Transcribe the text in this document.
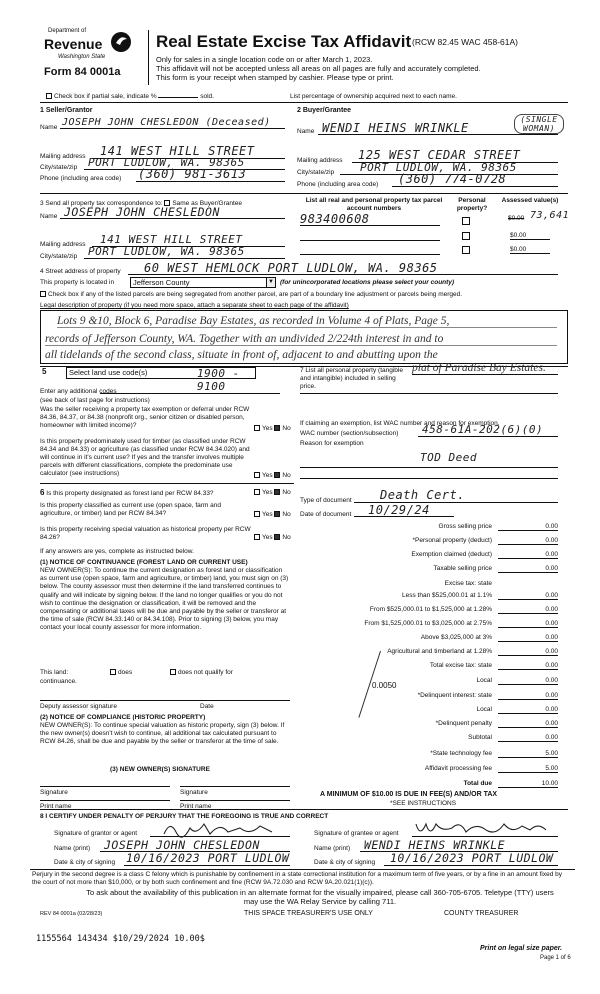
Department of
Revenue
Washington State
Form 84 0001a
Real Estate Excise Tax Affidavit (RCW 82.45 WAC 458-61A)
Only for sales in a single location code on or after March 1, 2023.
This affidavit will not be accepted unless all areas on all pages are fully and accurately completed.
This form is your receipt when stamped by cashier. Please type or print.
Check box if partial sale, indicate %	sold.	List percentage of ownership acquired next to each name.
1 Seller/Grantor
Name JOSEPH JOHN CHESLEDON (Deceased)
Mailing address 141 WEST HILL STREET
City/state/zip PORT LUDLOW, WA. 98365
Phone (including area code) (360) 981-3613
2 Buyer/Grantee
Name WENDI HEINS WRINKLE
(SINGLE WOMAN)
Mailing address 125 WEST CEDAR STREET
City/state/zip PORT LUDLOW, WA. 98365
Phone (including area code) (360) 774-0728
3 Send all property tax correspondence to: Same as Buyer/Grantee
Name JOSEPH JOHN CHESLEDON
Mailing address 141 WEST HILL STREET
City/state/zip PORT LUDLOW, WA. 98365
List all real and personal property tax parcel account numbers
Personal property?
Assessed value(s)
983400608	$0.00 73,641
$0.00
$0.00
4 Street address of property 60 WEST HEMLOCK PORT LUDLOW, WA. 98365
This property is located in	Jefferson County	▼ (for unincorporated locations please select your county)
Check box if any of the listed parcels are being segregated from another parcel, are part of a boundary line adjustment or parcels being merged.
Legal description of property (if you need more space, attach a separate sheet to each page of the affidavit)
Lots 9 &10, Block 6, Paradise Bay Estates, as recorded in Volume 4 of Plats, Page 5,
records of Jefferson County, WA. Together with an undivided 2/224th interest in and to
all tidelands of the second class, situate in front of, adjacent to and abutting upon the
5	Select land use code(s)	1900 - 9100
Enter any additional codes
(see back of last page for instructions)
Was the seller receiving a property tax exemption or deferral under RCW 84.36, 84.37, or 84.38 (nonprofit org., senior citizen or disabled person, homeowner with limited income)?	Yes No
Is this property predominately used for timber (as classified under RCW 84.34 and 84.33) or agriculture (as classified under RCW 84.34.020) and will continue in it's current use? If yes and the transfer involves multiple parcels with different classifications, complete the predominate use calculator (see instructions)	Yes No
7 List all personal property (tangible and intangible) included in selling price.
plat of Paradise Bay Estates.
If claiming an exemption, list WAC number and reason for exemption.
WAC number (section/subsection) 458-61A-202(6)(0)
Reason for exemption
TOD Deed
6 Is this property designated as forest land per RCW 84.33?	Yes No
Is this property classified as current use (open space, farm and agriculture, or timber) land per RCW 84.34?	Yes No
Is this property receiving special valuation as historical property per RCW 84.26?	Yes No
If any answers are yes, complete as instructed below.
(1) NOTICE OF CONTINUANCE (FOREST LAND OR CURRENT USE)
NEW OWNER(S): To continue the current designation as forest land or classification as current use (open space, farm and agriculture, or timber) land, you must sign on (3) below. The county assessor must then determine if the land transferred continues to qualify and will indicate by signing below. If the land no longer qualifies or you do not wish to continue the designation or classification, it will be removed and the compensating or additional taxes will be due and payable by the seller or transferor at the time of sale (RCW 84.33.140 or 84.34.108). Prior to signing (3) below, you may contact your local county assessor for more information.
This land:	does	does not qualify for
continuance.
Deputy assessor signature	Date
(2) NOTICE OF COMPLIANCE (HISTORIC PROPERTY)
NEW OWNER(S): To continue special valuation as historic property, sign (3) below. If the new owner(s) doesn't wish to continue, all additional tax calculated pursuant to RCW 84.26, shall be due and payable by the seller or transferor at the time of sale.
(3) NEW OWNER(S) SIGNATURE
Signature	Signature
Print name	Print name
Type of document Death Cert.
Date of document 10/29/24
Gross selling price	0.00
*Personal property (deduct)	0.00
Exemption claimed (deduct)	0.00
Taxable selling price	0.00
Excise tax: state
Less than $525,000.01 at 1.1%	0.00
From $525,000.01 to $1,525,000 at 1.28%	0.00
From $1,525,000.01 to $3,025,000 at 2.75%	0.00
Above $3,025,000 at 3%	0.00
Agricultural and timberland at 1.28%	0.00
Total excise tax: state	0.00
Local	0.00
*Delinquent interest: state	0.00
Local	0.00
*Delinquent penalty	0.00
Subtotal	0.00
*State technology fee	5.00
Affidavit processing fee	5.00
Total due	10.00
0.0050
A MINIMUM OF $10.00 IS DUE IN FEE(S) AND/OR TAX
*SEE INSTRUCTIONS
8 I CERTIFY UNDER PENALTY OF PERJURY THAT THE FOREGOING IS TRUE AND CORRECT
Signature of grantor or agent	Signature of grantee or agent
Name (print) JOSEPH JOHN CHESLEDON	Name (print) WENDI HEINS WRINKLE
Date & city of signing 10/16/2023 PORT LUDLOW	Date & city of signing 10/16/2023 PORT LUDLOW
Perjury in the second degree is a class C felony which is punishable by confinement in a state correctional institution for a maximum term of five years, or by a fine in an amount fixed by the court of not more than $10,000, or by both such confinement and fine (RCW 9A.72.030 and RCW 9A.20.021(1)(c)).
To ask about the availability of this publication in an alternate format for the visually impaired, please call 360-705-6705. Teletype (TTY) users may use the WA Relay Service by calling 711.
REV 84 0001a (02/28/23)	THIS SPACE TREASURER'S USE ONLY	COUNTY TREASURER
1155564 143434 $10/29/2024 10.00$
Print on legal size paper.
Page 1 of 6
